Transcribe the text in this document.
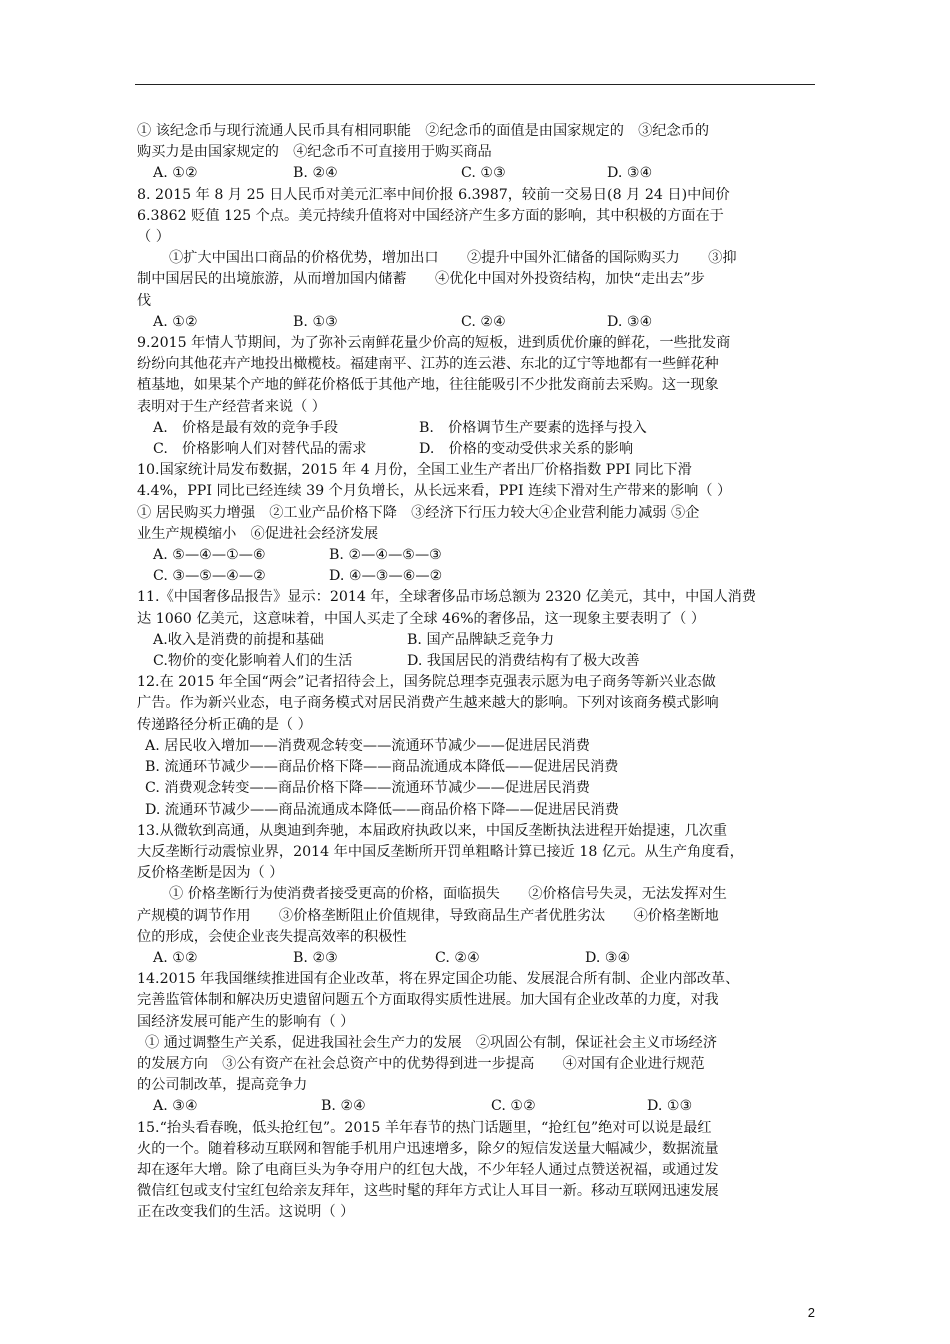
① 该纪念币与现行流通人民币具有相同职能　②纪念币的面值是由国家规定的　③纪念币的
购买力是由国家规定的　④纪念币不可直接用于购买商品
A. ①②	B. ②④	C. ①③	D. ③④
8. 2015 年 8 月 25 日人民币对美元汇率中间价报 6.3987，较前一交易日(8 月 24 日)中间价
6.3862 贬值 125 个点。美元持续升值将对中国经济产生多方面的影响，其中积极的方面在于
（ ）
①扩大中国出口商品的价格优势，增加出口　　②提升中国外汇储备的国际购买力　　③抑
制中国居民的出境旅游，从而增加国内储蓄　　④优化中国对外投资结构，加快“走出去”步
伐
A. ①②	B. ①③	C. ②④	D. ③④
9.2015 年情人节期间，为了弥补云南鲜花量少价高的短板，进到质优价廉的鲜花，一些批发商
纷纷向其他花卉产地投出橄榄枝。福建南平、江苏的连云港、东北的辽宁等地都有一些鲜花种
植基地，如果某个产地的鲜花价格低于其他产地，往往能吸引不少批发商前去采购。这一现象
表明对于生产经营者来说（ ）
A.　价格是最有效的竞争手段	B.　价格调节生产要素的选择与投入
C.　价格影响人们对替代品的需求	D.　价格的变动受供求关系的影响
10.国家统计局发布数据，2015 年 4 月份，全国工业生产者出厂价格指数 PPI 同比下滑
4.4%，PPI 同比已经连续 39 个月负增长，从长远来看，PPI 连续下滑对生产带来的影响（ ）
① 居民购买力增强　②工业产品价格下降　③经济下行压力较大④企业营利能力减弱 ⑤企
业生产规模缩小　⑥促进社会经济发展
A. ⑤—④—①—⑥	B. ②—④—⑤—③
C. ③—⑤—④—②	D. ④—③—⑥—②
11.《中国奢侈品报告》显示：2014 年，全球奢侈品市场总额为 2320 亿美元，其中，中国人消费
达 1060 亿美元，这意味着，中国人买走了全球 46%的奢侈品，这一现象主要表明了（ ）
A.收入是消费的前提和基础	B. 国产品牌缺乏竞争力
C.物价的变化影响着人们的生活	D. 我国居民的消费结构有了极大改善
12.在 2015 年全国“两会”记者招待会上，国务院总理李克强表示愿为电子商务等新兴业态做
广告。作为新兴业态，电子商务模式对居民消费产生越来越大的影响。下列对该商务模式影响
传递路径分析正确的是（ ）
A. 居民收入增加——消费观念转变——流通环节减少——促进居民消费
B. 流通环节减少——商品价格下降——商品流通成本降低——促进居民消费
C. 消费观念转变——商品价格下降——流通环节减少——促进居民消费
D. 流通环节减少——商品流通成本降低——商品价格下降——促进居民消费
13.从微软到高通，从奥迪到奔驰，本届政府执政以来，中国反垄断执法进程开始提速，几次重
大反垄断行动震惊业界，2014 年中国反垄断所开罚单粗略计算已接近 18 亿元。从生产角度看，
反价格垄断是因为（ ）
① 价格垄断行为使消费者接受更高的价格，面临损失　　②价格信号失灵，无法发挥对生
产规模的调节作用　　③价格垄断阻止价值规律，导致商品生产者优胜劣汰　　④价格垄断地
位的形成，会使企业丧失提高效率的积极性
A. ①②	B. ②③	C. ②④	D. ③④
14.2015 年我国继续推进国有企业改革，将在界定国企功能、发展混合所有制、企业内部改革、
完善监管体制和解决历史遗留问题五个方面取得实质性进展。加大国有企业改革的力度，对我
国经济发展可能产生的影响有（ ）
① 通过调整生产关系，促进我国社会生产力的发展　②巩固公有制，保证社会主义市场经济
的发展方向　③公有资产在社会总资产中的优势得到进一步提高　　④对国有企业进行规范
的公司制改革，提高竞争力
A. ③④	B. ②④	C. ①②	D. ①③
15.“抬头看春晚，低头抢红包”。2015 羊年春节的热门话题里，“抢红包”绝对可以说是最红
火的一个。随着移动互联网和智能手机用户迅速增多，除夕的短信发送量大幅减少，数据流量
却在逐年大增。除了电商巨头为争夺用户的红包大战，不少年轻人通过点赞送祝福，或通过发
微信红包或支付宝红包给亲友拜年，这些时髦的拜年方式让人耳目一新。移动互联网迅速发展
正在改变我们的生活。这说明（ ）
2
